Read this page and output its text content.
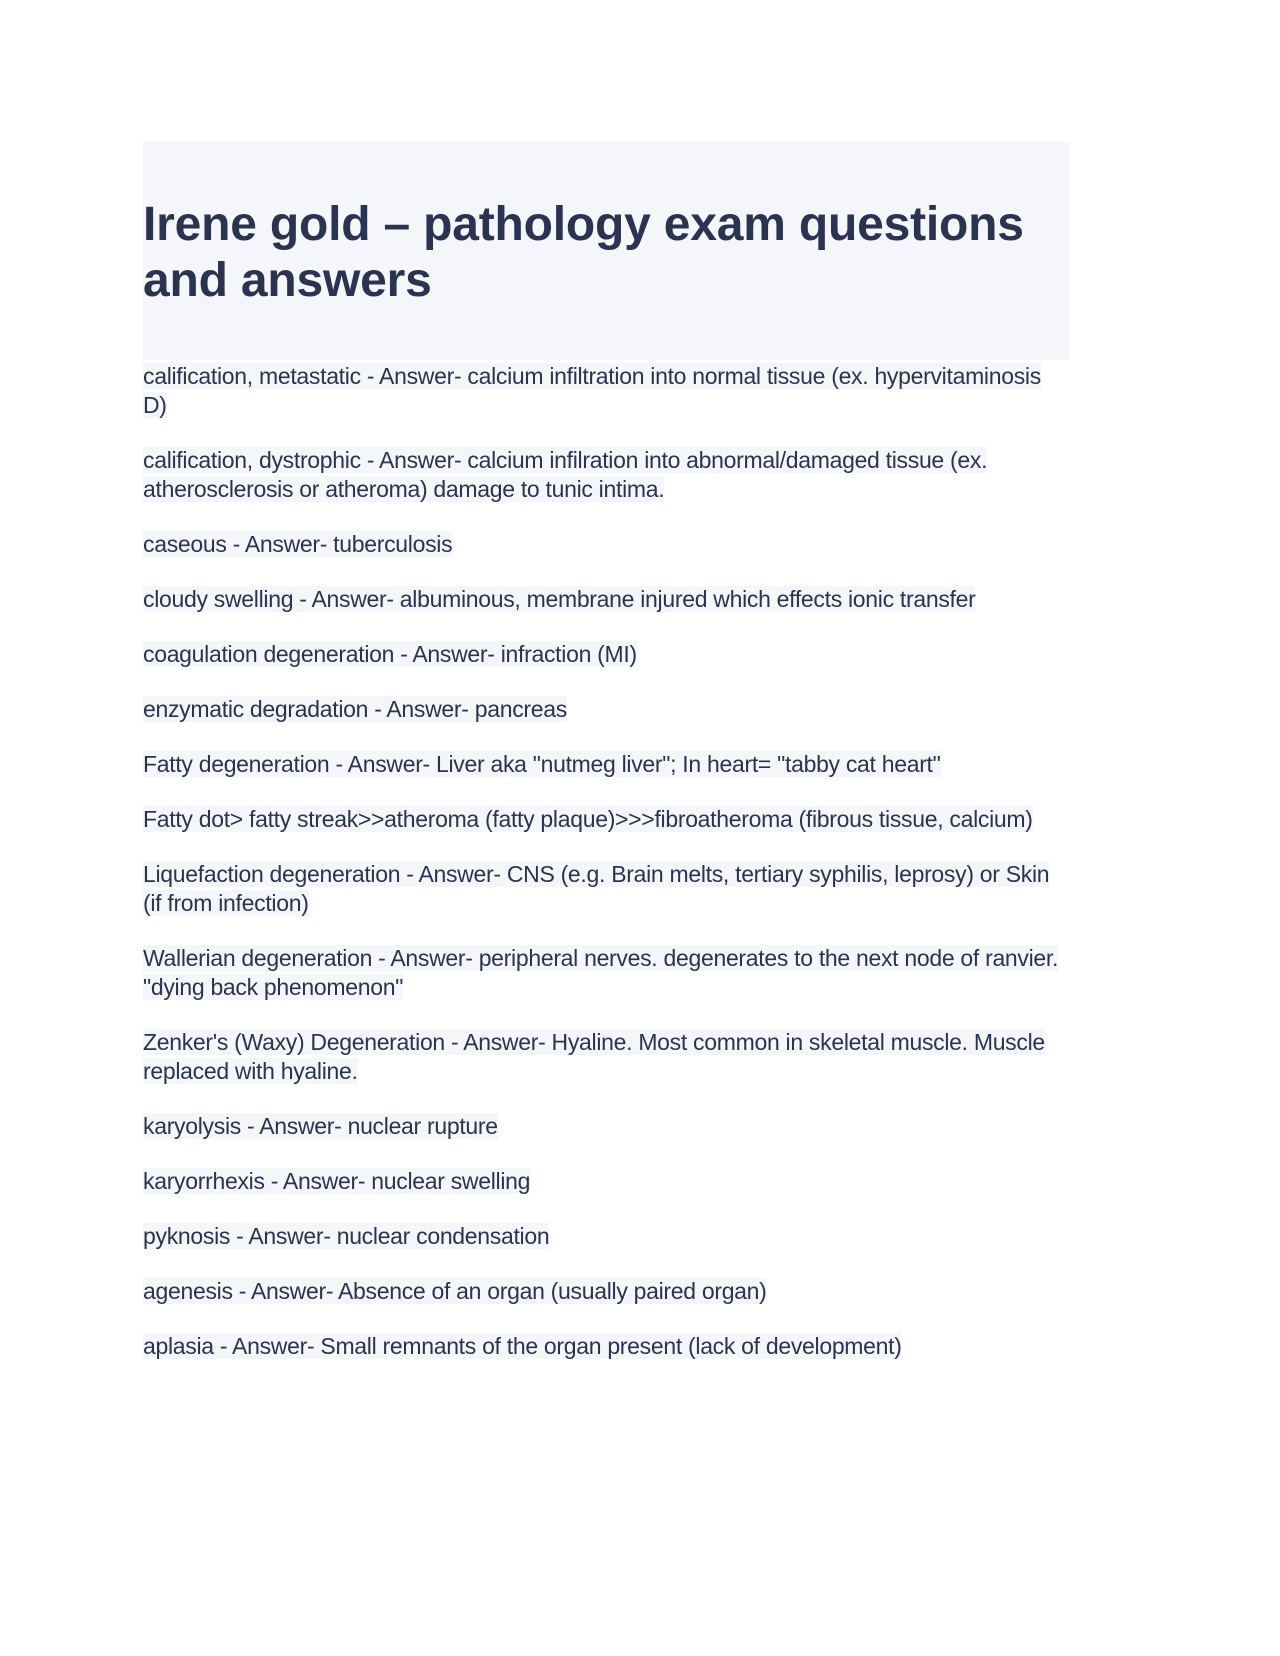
Irene gold – pathology exam questions and answers
calification, metastatic - Answer- calcium infiltration into normal tissue (ex. hypervitaminosis D)
calification, dystrophic - Answer- calcium infilration into abnormal/damaged tissue (ex. atherosclerosis or atheroma) damage to tunic intima.
caseous - Answer- tuberculosis
cloudy swelling - Answer- albuminous, membrane injured which effects ionic transfer
coagulation degeneration - Answer- infraction (MI)
enzymatic degradation - Answer- pancreas
Fatty degeneration - Answer- Liver aka "nutmeg liver"; In heart= "tabby cat heart"
Fatty dot> fatty streak>>atheroma (fatty plaque)>>>fibroatheroma (fibrous tissue, calcium)
Liquefaction degeneration - Answer- CNS (e.g. Brain melts, tertiary syphilis, leprosy) or Skin (if from infection)
Wallerian degeneration - Answer- peripheral nerves. degenerates to the next node of ranvier. "dying back phenomenon"
Zenker's (Waxy) Degeneration - Answer- Hyaline. Most common in skeletal muscle. Muscle replaced with hyaline.
karyolysis - Answer- nuclear rupture
karyorrhexis - Answer- nuclear swelling
pyknosis - Answer- nuclear condensation
agenesis - Answer- Absence of an organ (usually paired organ)
aplasia - Answer- Small remnants of the organ present (lack of development)
